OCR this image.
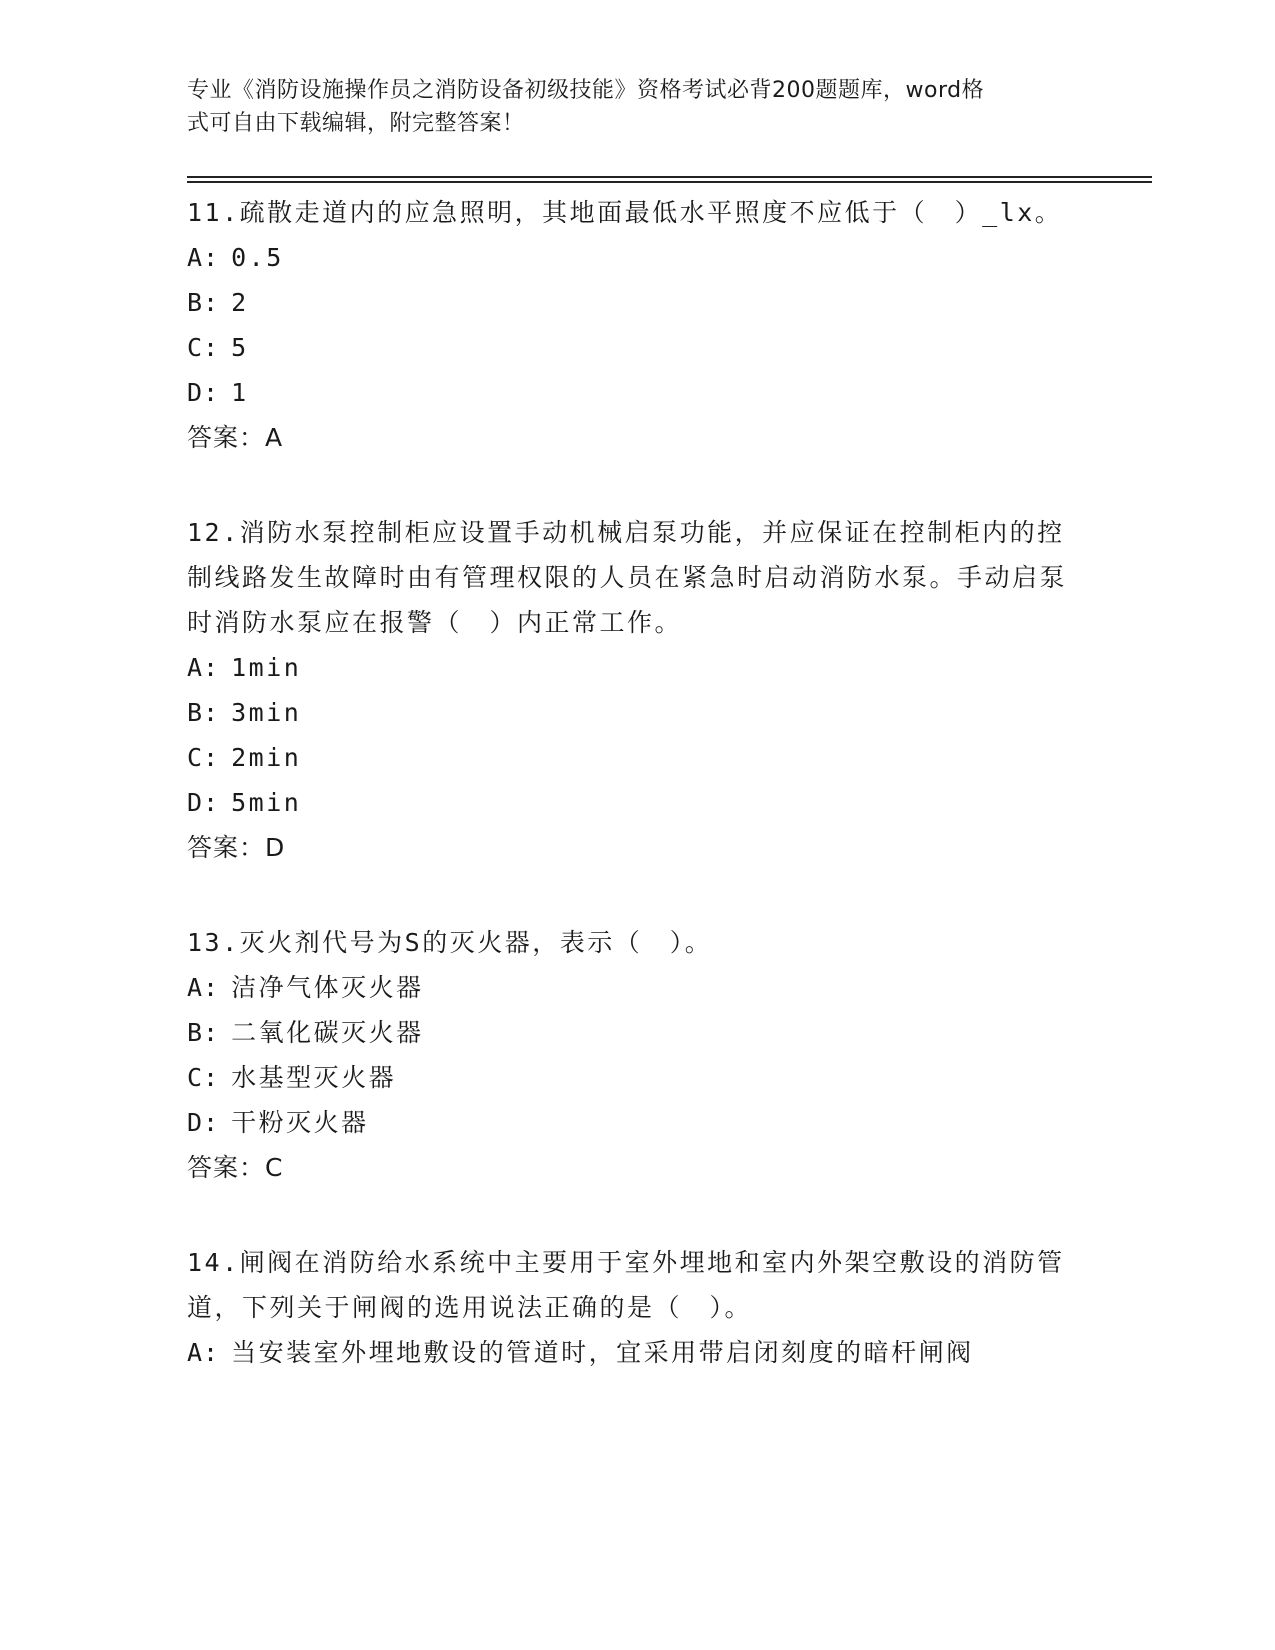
专业《消防设施操作员之消防设备初级技能》资格考试必背200题题库，word格
式可自由下载编辑，附完整答案！
11.疏散走道内的应急照明，其地面最低水平照度不应低于（　）_lx。
A: 0.5
B: 2
C: 5
D: 1
答案：A
12.消防水泵控制柜应设置手动机械启泵功能，并应保证在控制柜内的控制线路发生故障时由有管理权限的人员在紧急时启动消防水泵。手动启泵时消防水泵应在报警（　）内正常工作。
A: 1min
B: 3min
C: 2min
D: 5min
答案：D
13.灭火剂代号为S的灭火器，表示（　）。
A: 洁净气体灭火器
B: 二氧化碳灭火器
C: 水基型灭火器
D: 干粉灭火器
答案：C
14.闸阀在消防给水系统中主要用于室外埋地和室内外架空敷设的消防管道，下列关于闸阀的选用说法正确的是（　）。
A: 当安装室外埋地敷设的管道时，宜采用带启闭刻度的暗杆闸阀
